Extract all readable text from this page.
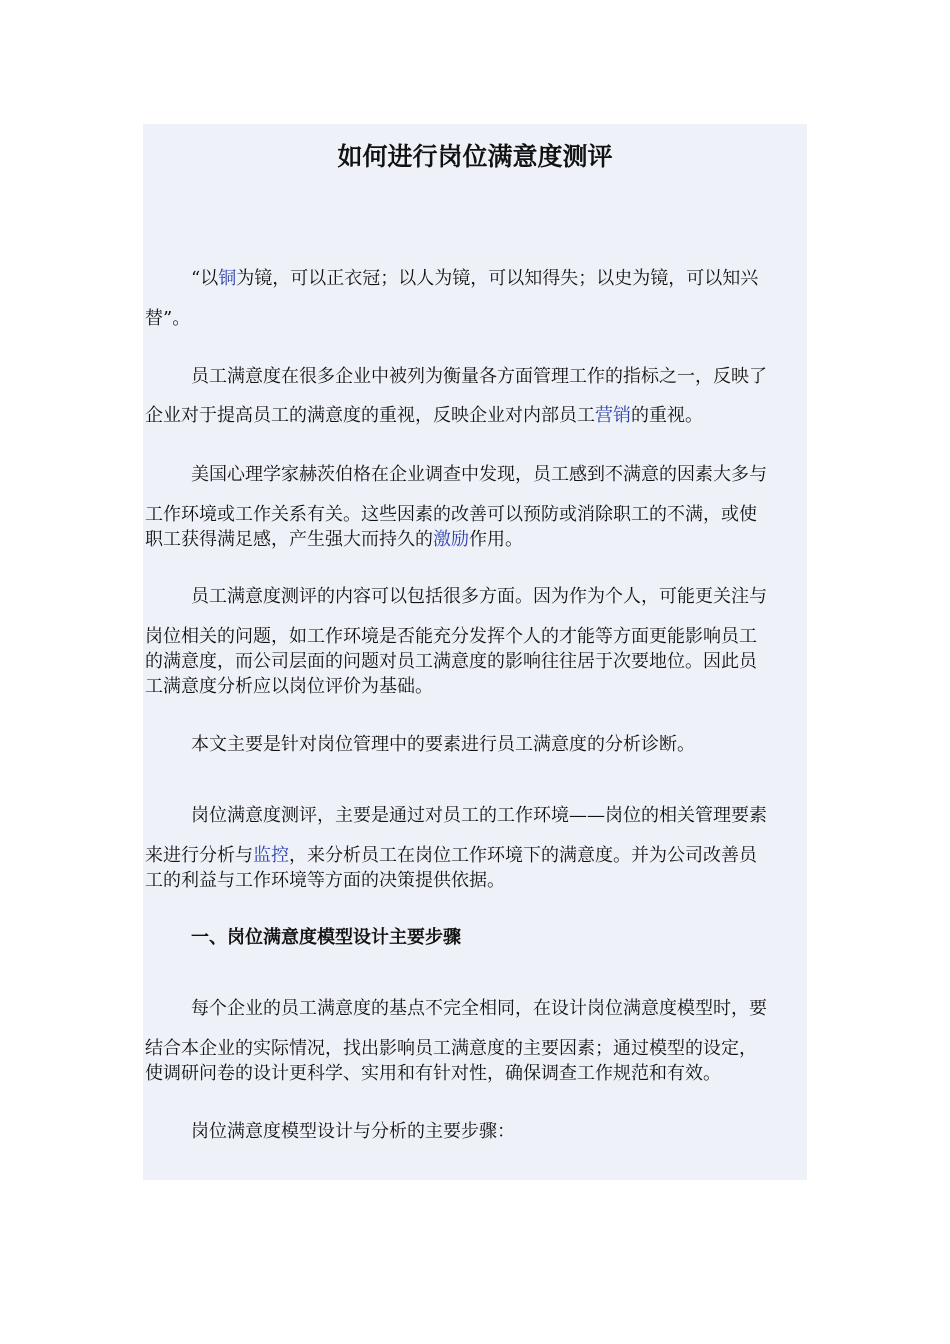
如何进行岗位满意度测评
“以铜为镜，可以正衣冠；以人为镜，可以知得失；以史为镜，可以知兴
替”。
员工满意度在很多企业中被列为衡量各方面管理工作的指标之一，反映了
企业对于提高员工的满意度的重视，反映企业对内部员工营销的重视。
美国心理学家赫茨伯格在企业调查中发现，员工感到不满意的因素大多与
工作环境或工作关系有关。这些因素的改善可以预防或消除职工的不满，或使
职工获得满足感，产生强大而持久的激励作用。
员工满意度测评的内容可以包括很多方面。因为作为个人，可能更关注与
岗位相关的问题，如工作环境是否能充分发挥个人的才能等方面更能影响员工
的满意度，而公司层面的问题对员工满意度的影响往往居于次要地位。因此员
工满意度分析应以岗位评价为基础。
本文主要是针对岗位管理中的要素进行员工满意度的分析诊断。
岗位满意度测评，主要是通过对员工的工作环境——岗位的相关管理要素
来进行分析与监控，来分析员工在岗位工作环境下的满意度。并为公司改善员
工的利益与工作环境等方面的决策提供依据。
一、岗位满意度模型设计主要步骤
每个企业的员工满意度的基点不完全相同，在设计岗位满意度模型时，要
结合本企业的实际情况，找出影响员工满意度的主要因素；通过模型的设定，
使调研问卷的设计更科学、实用和有针对性，确保调查工作规范和有效。
岗位满意度模型设计与分析的主要步骤：
